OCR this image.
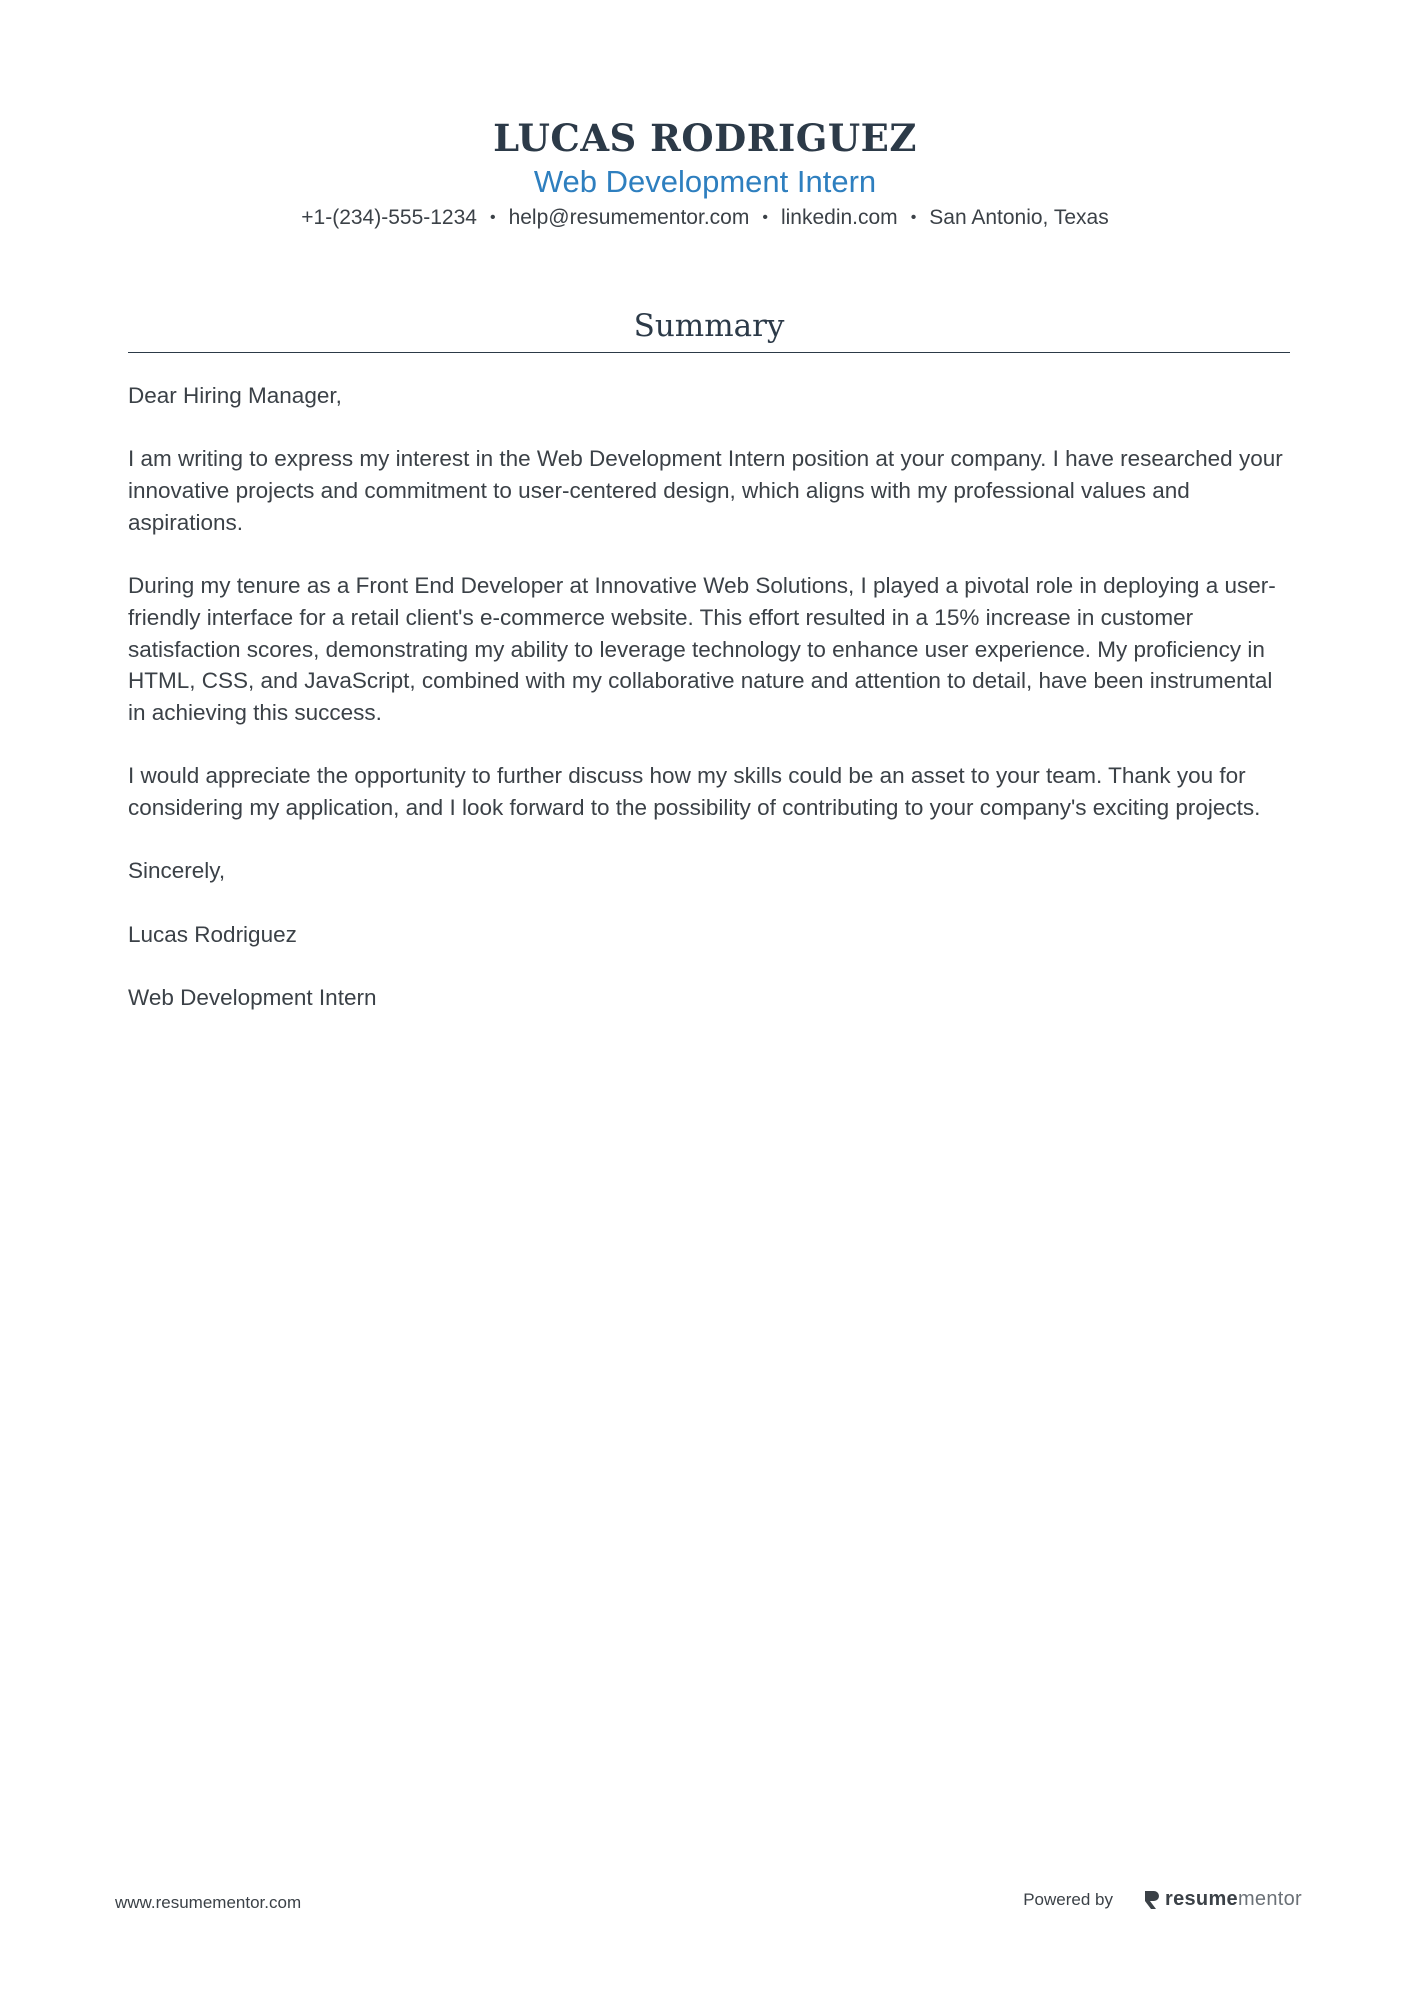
LUCAS RODRIGUEZ
Web Development Intern
+1-(234)-555-1234 • help@resumementor.com • linkedin.com • San Antonio, Texas
Summary

Dear Hiring Manager,

I am writing to express my interest in the Web Development Intern position at your company. I have researched your innovative projects and commitment to user-centered design, which aligns with my professional values and aspirations.

During my tenure as a Front End Developer at Innovative Web Solutions, I played a pivotal role in deploying a user-friendly interface for a retail client's e-commerce website. This effort resulted in a 15% increase in customer satisfaction scores, demonstrating my ability to leverage technology to enhance user experience. My proficiency in HTML, CSS, and JavaScript, combined with my collaborative nature and attention to detail, have been instrumental in achieving this success.

I would appreciate the opportunity to further discuss how my skills could be an asset to your team. Thank you for considering my application, and I look forward to the possibility of contributing to your company's exciting projects.

Sincerely,

Lucas Rodriguez

Web Development Intern

www.resumementor.com	Powered by	resume mentor
